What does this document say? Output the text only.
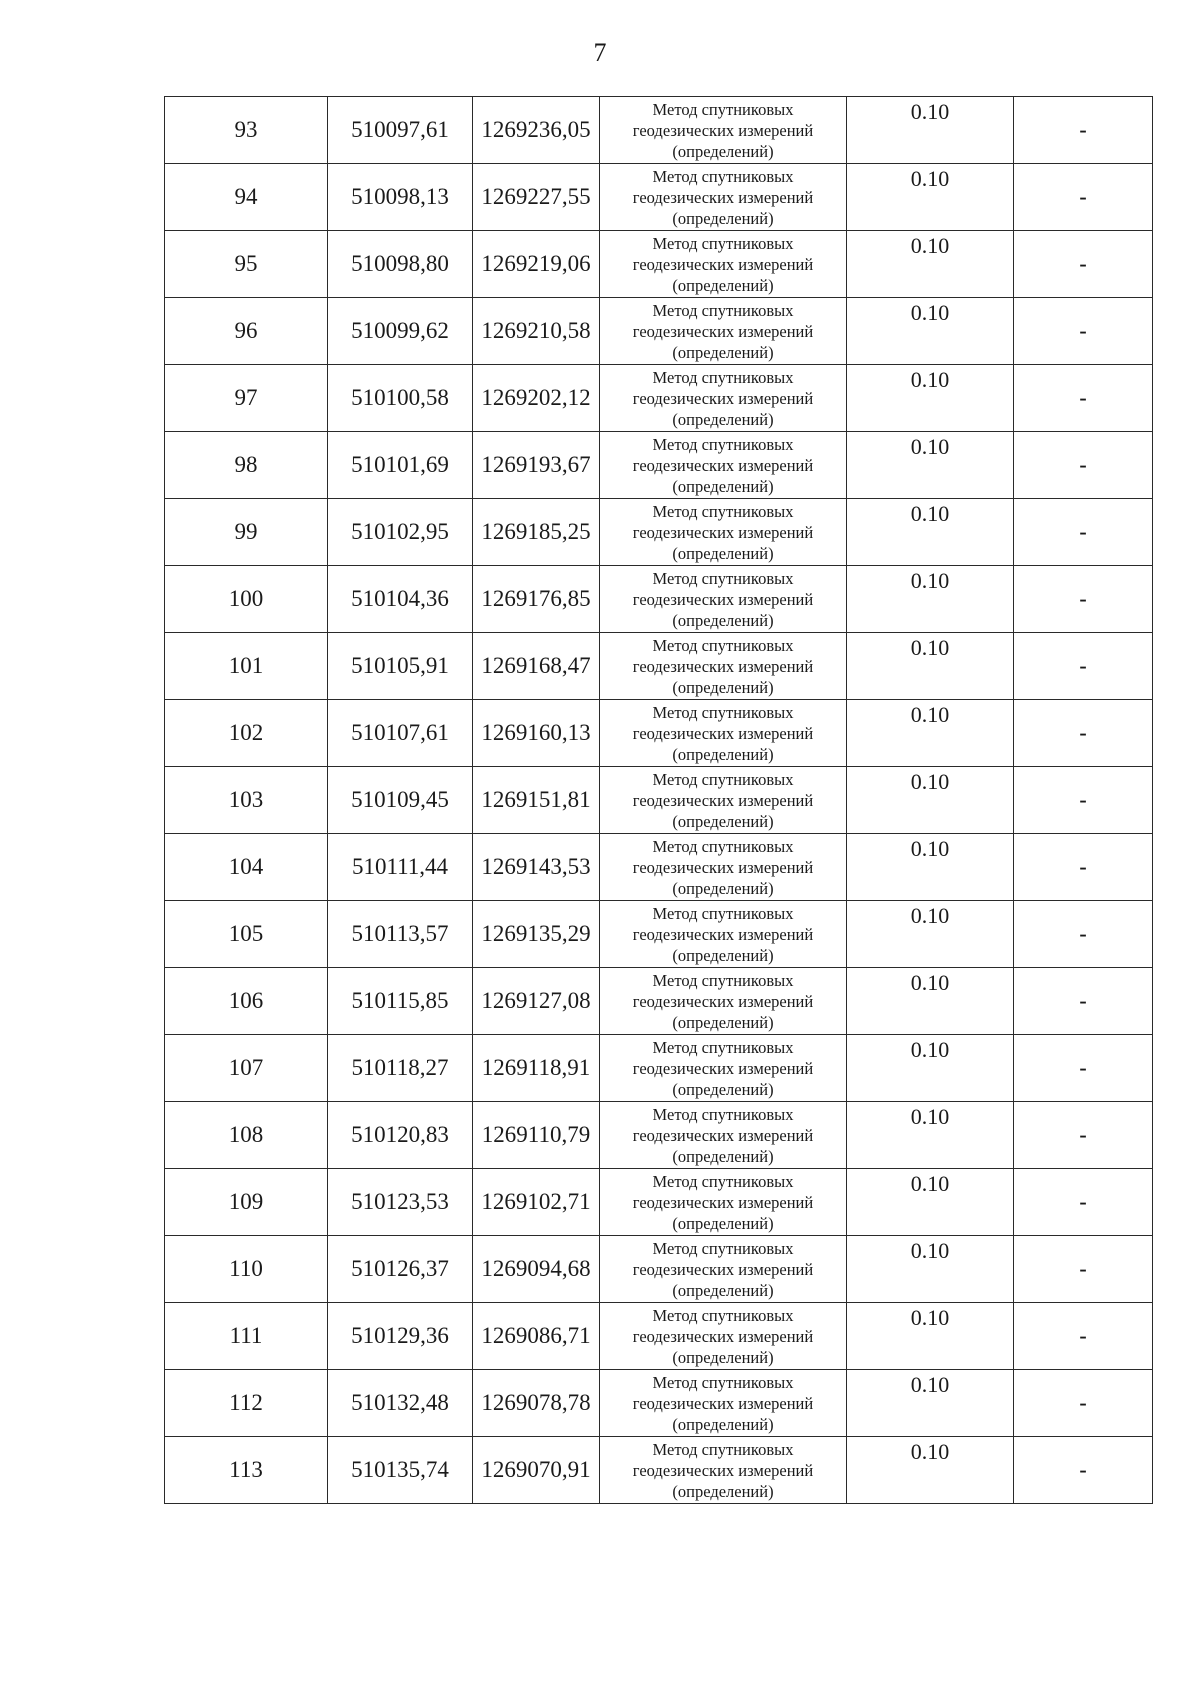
7
93	510097,61	1269236,05	Метод спутниковых
геодезических измерений
(определений)	0.10	-
94	510098,13	1269227,55	Метод спутниковых
геодезических измерений
(определений)	0.10	-
95	510098,80	1269219,06	Метод спутниковых
геодезических измерений
(определений)	0.10	-
96	510099,62	1269210,58	Метод спутниковых
геодезических измерений
(определений)	0.10	-
97	510100,58	1269202,12	Метод спутниковых
геодезических измерений
(определений)	0.10	-
98	510101,69	1269193,67	Метод спутниковых
геодезических измерений
(определений)	0.10	-
99	510102,95	1269185,25	Метод спутниковых
геодезических измерений
(определений)	0.10	-
100	510104,36	1269176,85	Метод спутниковых
геодезических измерений
(определений)	0.10	-
101	510105,91	1269168,47	Метод спутниковых
геодезических измерений
(определений)	0.10	-
102	510107,61	1269160,13	Метод спутниковых
геодезических измерений
(определений)	0.10	-
103	510109,45	1269151,81	Метод спутниковых
геодезических измерений
(определений)	0.10	-
104	510111,44	1269143,53	Метод спутниковых
геодезических измерений
(определений)	0.10	-
105	510113,57	1269135,29	Метод спутниковых
геодезических измерений
(определений)	0.10	-
106	510115,85	1269127,08	Метод спутниковых
геодезических измерений
(определений)	0.10	-
107	510118,27	1269118,91	Метод спутниковых
геодезических измерений
(определений)	0.10	-
108	510120,83	1269110,79	Метод спутниковых
геодезических измерений
(определений)	0.10	-
109	510123,53	1269102,71	Метод спутниковых
геодезических измерений
(определений)	0.10	-
110	510126,37	1269094,68	Метод спутниковых
геодезических измерений
(определений)	0.10	-
111	510129,36	1269086,71	Метод спутниковых
геодезических измерений
(определений)	0.10	-
112	510132,48	1269078,78	Метод спутниковых
геодезических измерений
(определений)	0.10	-
113	510135,74	1269070,91	Метод спутниковых
геодезических измерений
(определений)	0.10	-
